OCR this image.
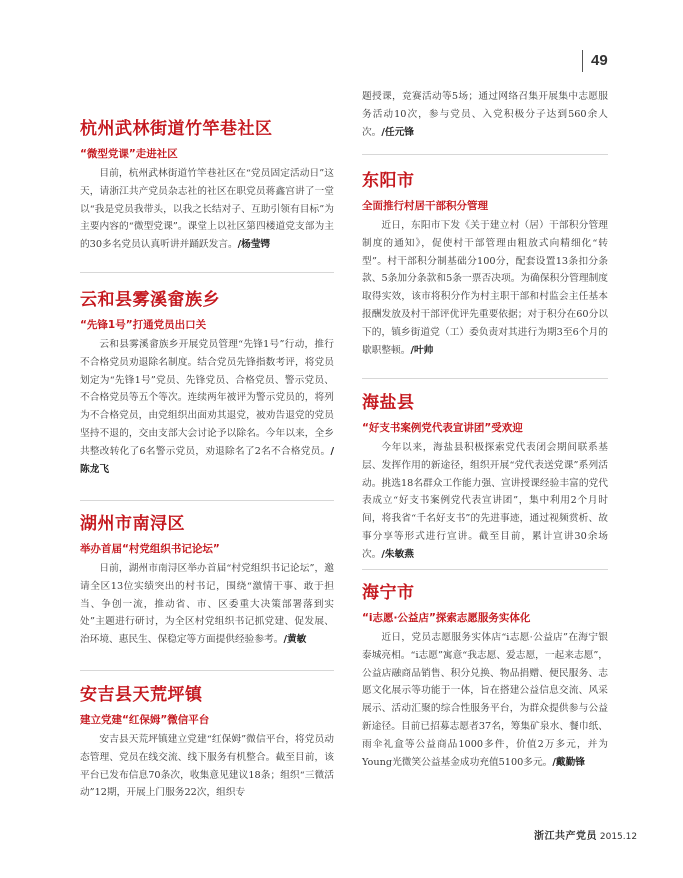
49
杭州武林街道竹竿巷社区
“微型党课”走进社区

目前，杭州武林街道竹竿巷社区在“党员固定活动日”这天，请浙江共产党员杂志社的社区在职党员蒋鑫宫讲了一堂以“我是党员我带头，以我之长结对子、互助引领有目标”为主要内容的“微型党课”。课堂上以社区第四楼道党支部为主的30多名党员认真听讲并踊跃发言。/杨莹锷

云和县雾溪畲族乡
“先锋1号”打通党员出口关

云和县雾溪畲族乡开展党员管理“先锋1号”行动，推行不合格党员劝退除名制度。结合党员先锋指数考评，将党员划定为“先锋1号”党员、先锋党员、合格党员、警示党员、不合格党员等五个等次。连续两年被评为警示党员的，将列为不合格党员，由党组织出面劝其退党，被劝告退党的党员坚持不退的，交由支部大会讨论予以除名。今年以来，全乡共整改转化了6名警示党员，劝退除名了2名不合格党员。/陈龙飞

湖州市南浔区
举办首届“村党组织书记论坛”

日前，湖州市南浔区举办首届“村党组织书记论坛”，邀请全区13位实绩突出的村书记，围绕“激情干事、敢于担当、争创一流，推动省、市、区委重大决策部署落到实处”主题进行研讨，为全区村党组织书记抓党建、促发展、治环境、惠民生、保稳定等方面提供经验参考。/黄敏

安吉县天荒坪镇
建立党建“红保姆”微信平台

安吉县天荒坪镇建立党建“红保姆”微信平台，将党员动态管理、党员在线交流、线下服务有机整合。截至目前，该平台已发布信息70条次，收集意见建议18条；组织“三微活动”12期，开展上门服务22次，组织专

题授课，竞赛活动等5场；通过网络召集开展集中志愿服务活动10次，参与党员、入党积极分子达到560余人次。/任元锋

东阳市
全面推行村居干部积分管理

近日，东阳市下发《关于建立村（居）干部积分管理制度的通知》，促使村干部管理由粗放式向精细化“转型”。村干部积分制基础分100分，配套设置13条扣分条款、5条加分条款和5条一票否决项。为确保积分管理制度取得实效，该市将积分作为村主职干部和村监会主任基本报酬发放及村干部评优评先重要依据；对于积分在60分以下的，镇乡街道党（工）委负责对其进行为期3至6个月的歇职整顿。/叶帅

海盐县
“好支书案例党代表宣讲团”受欢迎

今年以来，海盐县积极探索党代表闭会期间联系基层、发挥作用的新途径，组织开展“党代表送党课”系列活动。挑选18名群众工作能力强、宣讲授课经验丰富的党代表成立“好支书案例党代表宣讲团”，集中利用2个月时间，将我省“千名好支书”的先进事迹，通过视频赏析、故事分享等形式进行宣讲。截至目前，累计宣讲30余场次。/朱敏燕

海宁市
“i志愿·公益店”探索志愿服务实体化

近日，党员志愿服务实体店“i志愿·公益店”在海宁银泰城亮相。“i志愿”寓意“我志愿、爱志愿，一起来志愿”，公益店融商品销售、积分兑换、物品捐赠、便民服务、志愿文化展示等功能于一体，旨在搭建公益信息交流、风采展示、活动汇聚的综合性服务平台，为群众提供参与公益新途径。目前已招募志愿者37名，筹集矿泉水、餐巾纸、雨伞礼盒等公益商品1000多件，价值2万多元，并为Young光微笑公益基金成功充值5100多元。/戴勤锋

浙江共产党员 2015.12
